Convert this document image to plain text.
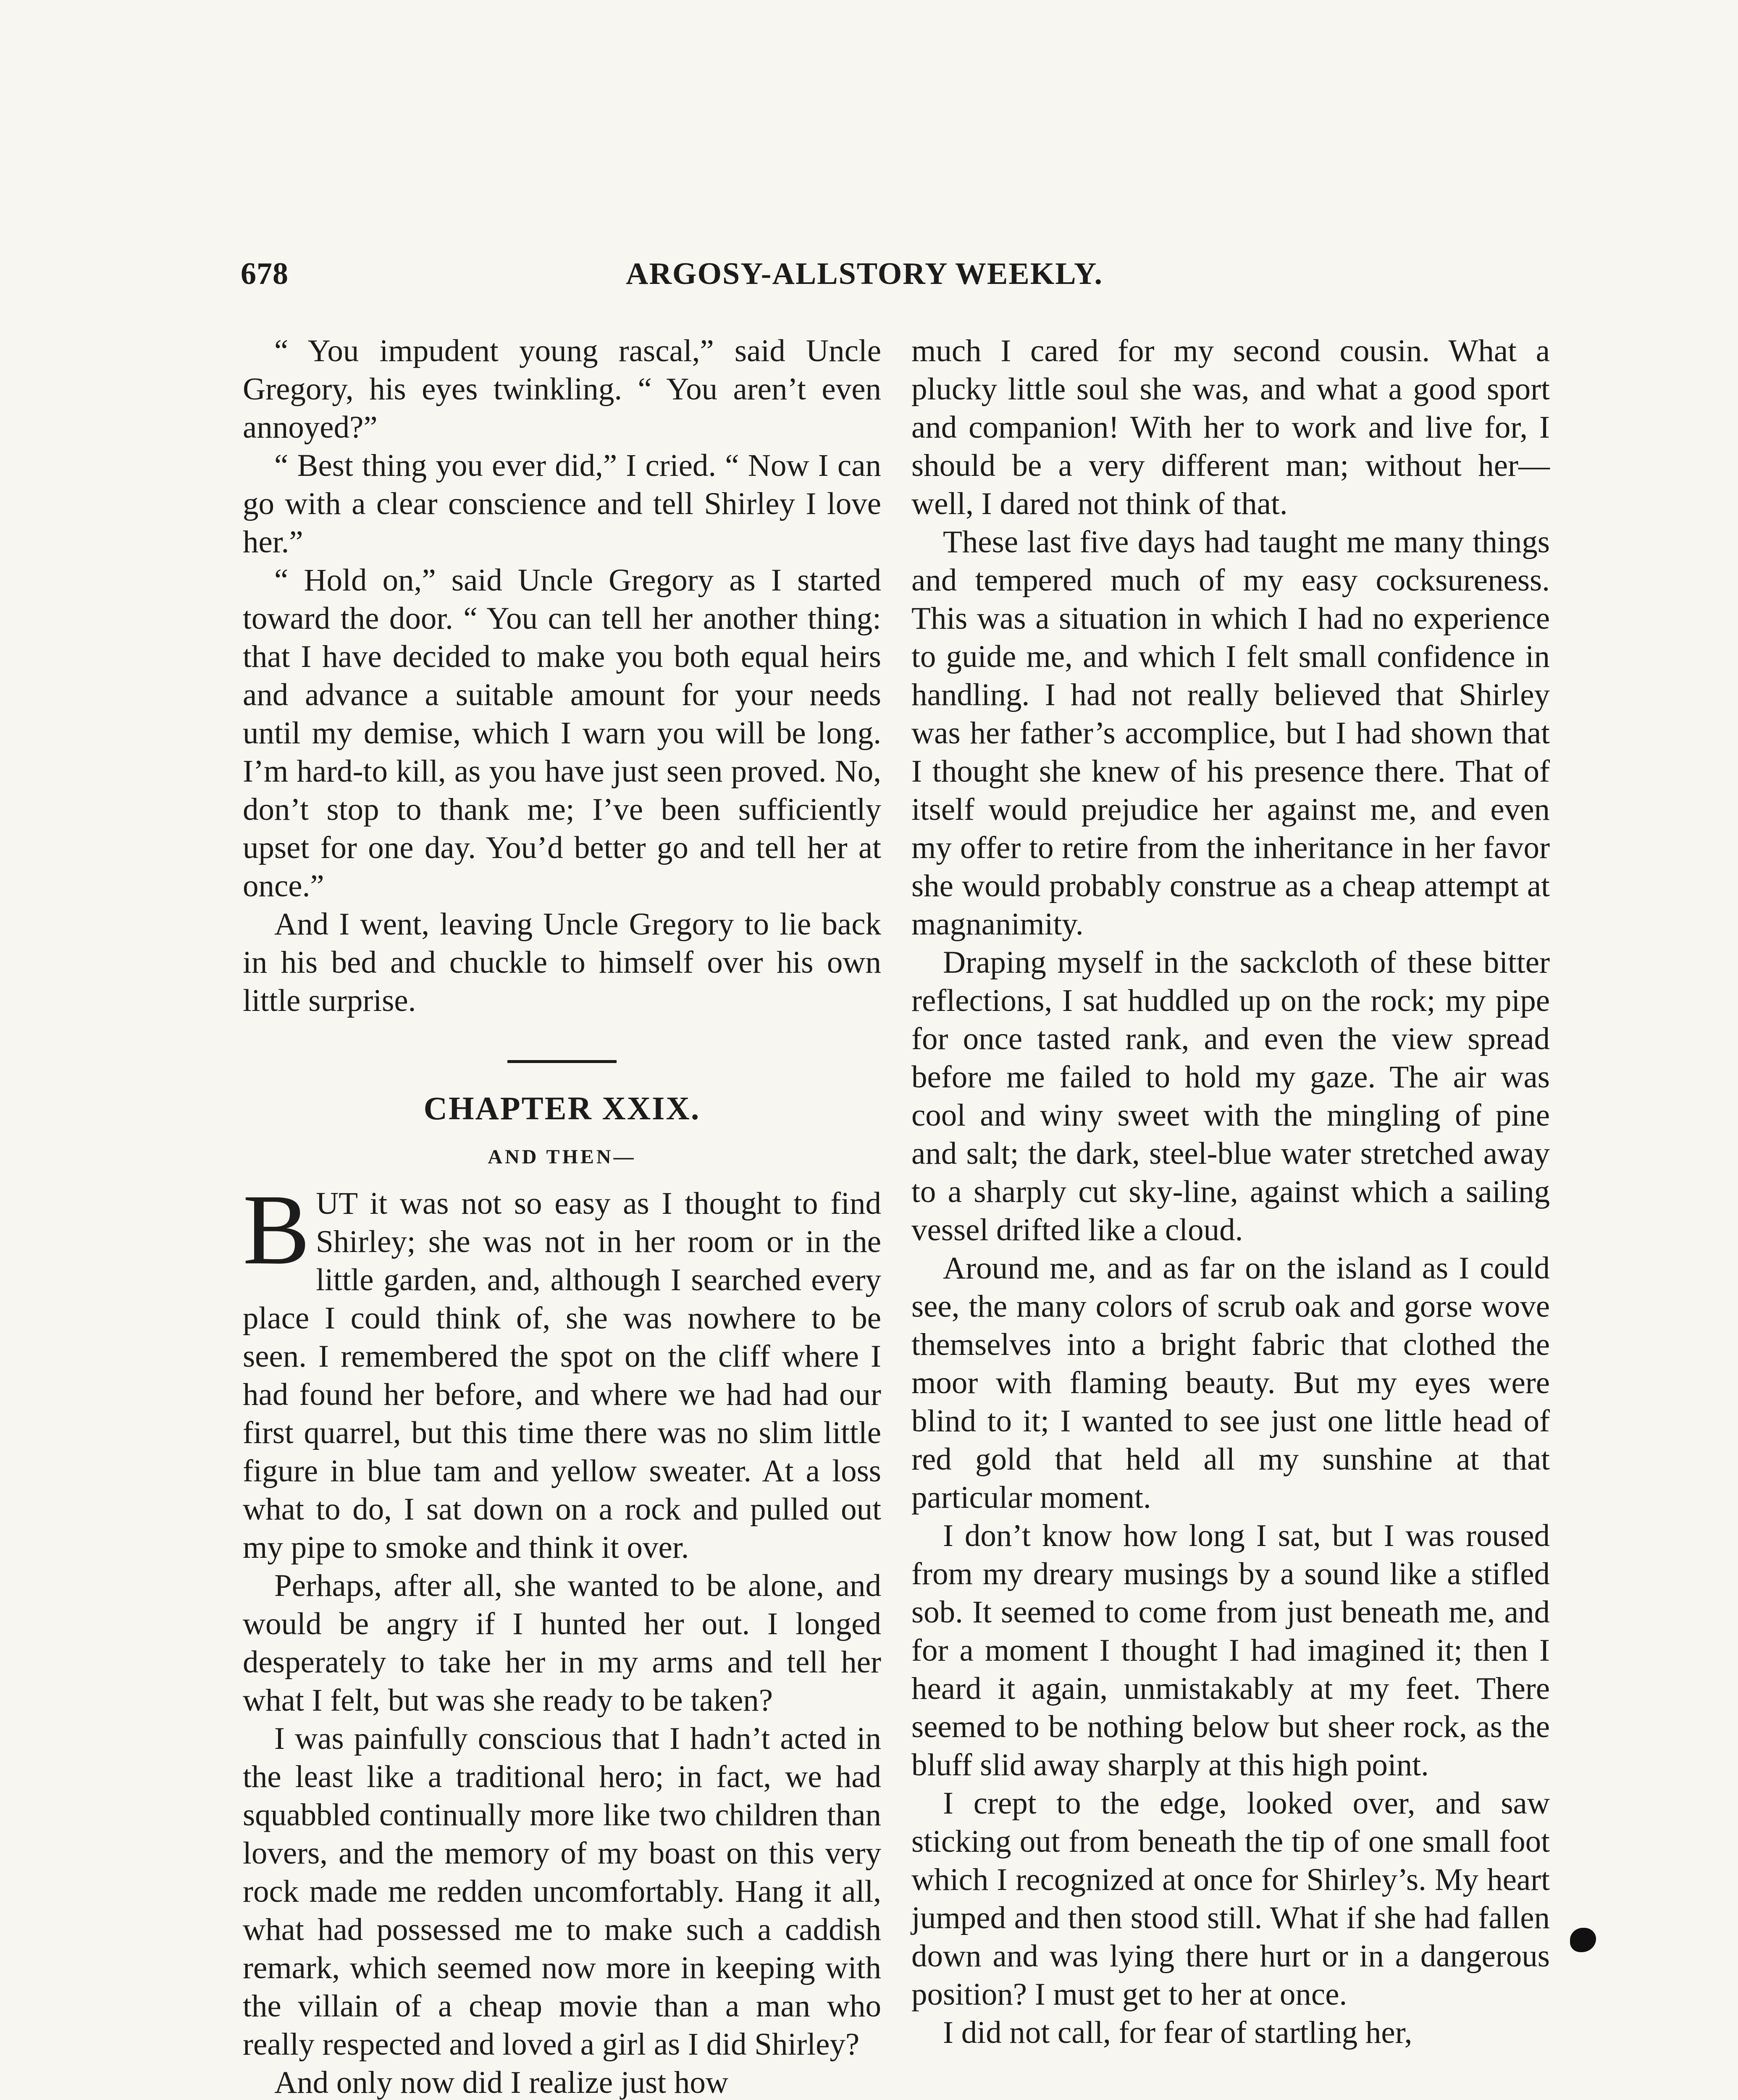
678	ARGOSY-ALLSTORY WEEKLY.

“ You impudent young rascal,” said Uncle Gregory, his eyes twinkling. “ You aren’t even annoyed?”

“ Best thing you ever did,” I cried. “ Now I can go with a clear conscience and tell Shirley I love her.”

“ Hold on,” said Uncle Gregory as I started toward the door. “ You can tell her another thing: that I have decided to make you both equal heirs and advance a suitable amount for your needs until my demise, which I warn you will be long. I’m hard-to kill, as you have just seen proved. No, don’t stop to thank me; I’ve been sufficiently upset for one day. You’d better go and tell her at once.”

And I went, leaving Uncle Gregory to lie back in his bed and chuckle to himself over his own little surprise.

CHAPTER XXIX.
AND THEN—

BUT it was not so easy as I thought to find Shirley; she was not in her room or in the little garden, and, although I searched every place I could think of, she was nowhere to be seen. I remembered the spot on the cliff where I had found her before, and where we had had our first quarrel, but this time there was no slim little figure in blue tam and yellow sweater. At a loss what to do, I sat down on a rock and pulled out my pipe to smoke and think it over.

Perhaps, after all, she wanted to be alone, and would be angry if I hunted her out. I longed desperately to take her in my arms and tell her what I felt, but was she ready to be taken?

I was painfully conscious that I hadn’t acted in the least like a traditional hero; in fact, we had squabbled continually more like two children than lovers, and the memory of my boast on this very rock made me redden uncomfortably. Hang it all, what had possessed me to make such a caddish remark, which seemed now more in keeping with the villain of a cheap movie than a man who really respected and loved a girl as I did Shirley?

And only now did I realize just how

much I cared for my second cousin. What a plucky little soul she was, and what a good sport and companion! With her to work and live for, I should be a very different man; without her—well, I dared not think of that.

These last five days had taught me many things and tempered much of my easy cocksureness. This was a situation in which I had no experience to guide me, and which I felt small confidence in handling. I had not really believed that Shirley was her father’s accomplice, but I had shown that I thought she knew of his presence there. That of itself would prejudice her against me, and even my offer to retire from the inheritance in her favor she would probably construe as a cheap attempt at magnanimity.

Draping myself in the sackcloth of these bitter reflections, I sat huddled up on the rock; my pipe for once tasted rank, and even the view spread before me failed to hold my gaze. The air was cool and winy sweet with the mingling of pine and salt; the dark, steel-blue water stretched away to a sharply cut sky-line, against which a sailing vessel drifted like a cloud.

Around me, and as far on the island as I could see, the many colors of scrub oak and gorse wove themselves into a bright fabric that clothed the moor with flaming beauty. But my eyes were blind to it; I wanted to see just one little head of red gold that held all my sunshine at that particular moment.

I don’t know how long I sat, but I was roused from my dreary musings by a sound like a stifled sob. It seemed to come from just beneath me, and for a moment I thought I had imagined it; then I heard it again, unmistakably at my feet. There seemed to be nothing below but sheer rock, as the bluff slid away sharply at this high point.

I crept to the edge, looked over, and saw sticking out from beneath the tip of one small foot which I recognized at once for Shirley’s. My heart jumped and then stood still. What if she had fallen down and was lying there hurt or in a dangerous position? I must get to her at once.

I did not call, for fear of startling her,
